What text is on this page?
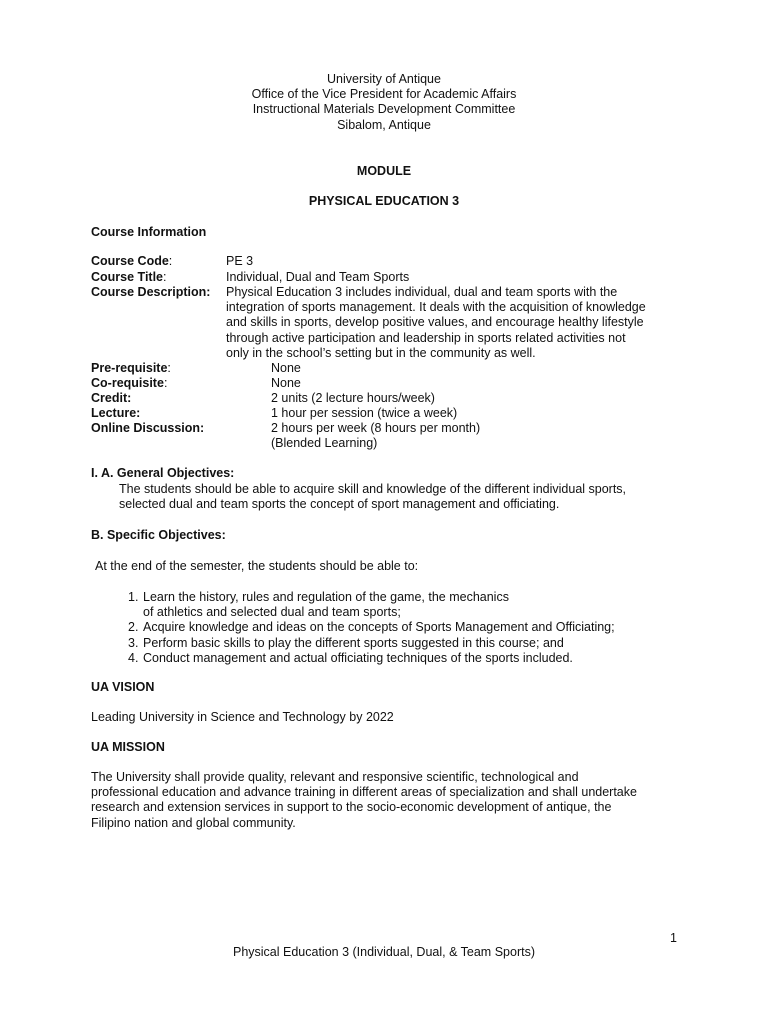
University of Antique
Office of the Vice President for Academic Affairs
Instructional Materials Development Committee
Sibalom, Antique
MODULE
PHYSICAL EDUCATION 3
Course Information
Course Code:	PE 3
Course Title:	Individual, Dual and Team Sports
Course Description: Physical Education 3 includes individual, dual and team sports with the
integration of sports management. It deals with the acquisition of knowledge
and skills in sports, develop positive values, and encourage healthy lifestyle
through active participation and leadership in sports related activities not
only in the school’s setting but in the community as well.
Pre-requisite:	None
Co-requisite:	None
Credit:	2 units (2 lecture hours/week)
Lecture:	1 hour per session (twice a week)
Online Discussion:	2 hours per week (8 hours per month)
(Blended Learning)
I. A. General Objectives:
The students should be able to acquire skill and knowledge of the different individual sports,
selected dual and team sports the concept of sport management and officiating.
B. Specific Objectives:
At the end of the semester, the students should be able to:
1. Learn the history, rules and regulation of the game, the mechanics
of athletics and selected dual and team sports;
2. Acquire knowledge and ideas on the concepts of Sports Management and Officiating;
3. Perform basic skills to play the different sports suggested in this course; and
4. Conduct management and actual officiating techniques of the sports included.
UA VISION
Leading University in Science and Technology by 2022
UA MISSION
The University shall provide quality, relevant and responsive scientific, technological and
professional education and advance training in different areas of specialization and shall undertake
research and extension services in support to the socio-economic development of antique, the
Filipino nation and global community.
1
Physical Education 3 (Individual, Dual, & Team Sports)
